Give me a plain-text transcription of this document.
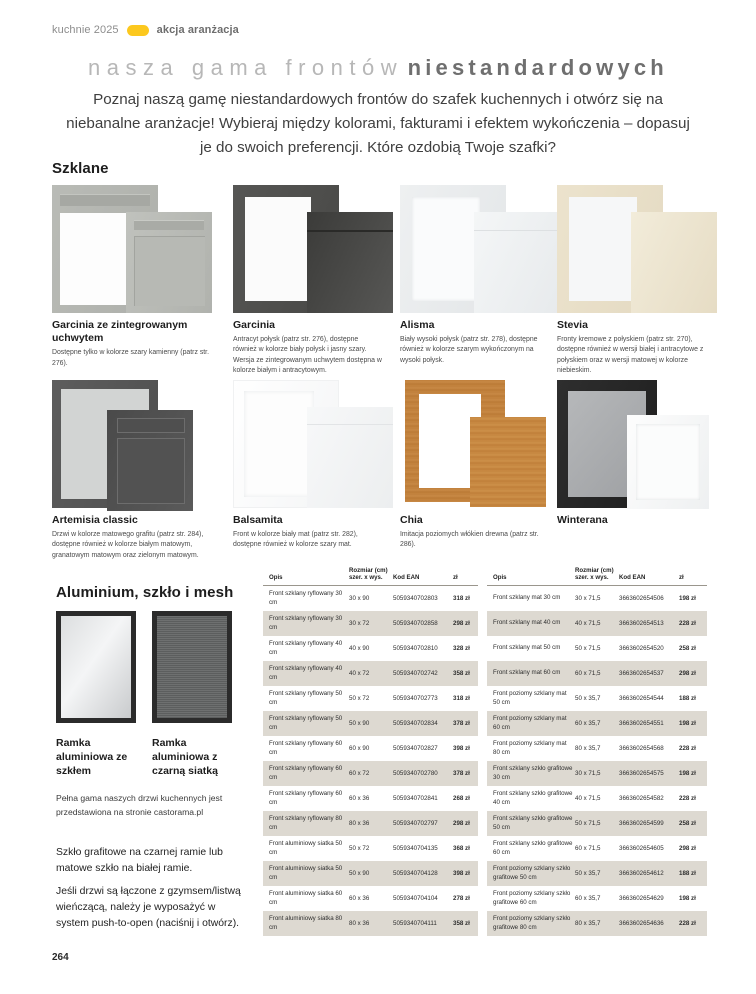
kuchnie 2025	akcja aranżacja
nasza gama frontów niestandardowych
Poznaj naszą gamę niestandardowych frontów do szafek kuchennych i otwórz się na niebanalne aranżacje! Wybieraj między kolorami, fakturami i efektem wykończenia – dopasuj je do swoich preferencji. Które ozdobią Twoje szafki?
Szklane
Garcinia ze zintegrowanym uchwytem
Dostępne tylko w kolorze szary kamienny (patrz str. 276).
Garcinia
Antracyt połysk (patrz str. 276), dostępne również w kolorze biały połysk i jasny szary. Wersja ze zintegrowanym uchwytem dostępna w kolorze białym i antracytowym.
Alisma
Biały wysoki połysk (patrz str. 278), dostępne również w kolorze szarym wykończonym na wysoki połysk.
Stevia
Fronty kremowe z połyskiem (patrz str. 270), dostępne również w wersji białej i antracytowe z połyskiem oraz w wersji matowej w kolorze niebieskim.
Artemisia classic
Drzwi w kolorze matowego grafitu (patrz str. 284), dostępne również w kolorze białym matowym, granatowym matowym oraz zielonym matowym.
Balsamita
Front w kolorze biały mat (patrz str. 282), dostępne również w kolorze szary mat.
Chia
Imitacja poziomych włókien drewna (patrz str. 286).
Winterana
Aluminium, szkło i mesh
Ramka aluminiowa ze szkłem
Ramka aluminiowa z czarną siatką
Pełna gama naszych drzwi kuchennych jest przedstawiona na stronie castorama.pl
Szkło grafitowe na czarnej ramie lub matowe szkło na białej ramie.
Jeśli drzwi są łączone z gzymsem/listwą wieńczącą, należy je wyposażyć w system push-to-open (naciśnij i otwórz).
Opis
Rozmiar (cm)
szer. x wys.	Kod EAN	zł
Front szklany ryflowany 30 cm	30 x 90	5059340702803	318 zł
Front szklany ryflowany 30 cm	30 x 72	5059340702858	298 zł
Front szklany ryflowany 40 cm	40 x 90	5059340702810	328 zł
Front szklany ryflowany 40 cm	40 x 72	5059340702742	358 zł
Front szklany ryflowany 50 cm	50 x 72	5059340702773	318 zł
Front szklany ryflowany 50 cm	50 x 90	5059340702834	378 zł
Front szklany ryflowany 60 cm	60 x 90	5059340702827	398 zł
Front szklany ryflowany 60 cm	60 x 72	5059340702780	378 zł
Front szklany ryflowany 60 cm	60 x 36	5059340702841	268 zł
Front szklany ryflowany 80 cm	80 x 36	5059340702797	298 zł
Front aluminiowy siatka 50 cm	50 x 72	5059340704135	368 zł
Front aluminiowy siatka 50 cm	50 x 90	5059340704128	398 zł
Front aluminiowy siatka 60 cm	60 x 36	5059340704104	278 zł
Front aluminiowy siatka 80 cm	80 x 36	5059340704111	358 zł
Opis
Rozmiar (cm)
szer. x wys.	Kod EAN	zł
Front szklany mat 30 cm	30 x 71,5	3663602654506	198 zł
Front szklany mat 40 cm	40 x 71,5	3663602654513	228 zł
Front szklany mat 50 cm	50 x 71,5	3663602654520	258 zł
Front szklany mat 60 cm	60 x 71,5	3663602654537	298 zł
Front poziomy szklany mat 50 cm	50 x 35,7	3663602654544	188 zł
Front poziomy szklany mat 60 cm	60 x 35,7	3663602654551	198 zł
Front poziomy szklany mat 80 cm	80 x 35,7	3663602654568	228 zł
Front szklany szkło grafitowe 30 cm	30 x 71,5	3663602654575	198 zł
Front szklany szkło grafitowe 40 cm	40 x 71,5	3663602654582	228 zł
Front szklany szkło grafitowe 50 cm	50 x 71,5	3663602654599	258 zł
Front szklany szkło grafitowe 60 cm	60 x 71,5	3663602654605	298 zł
Front poziomy szklany szkło grafitowe 50 cm	50 x 35,7	3663602654612	188 zł
Front poziomy szklany szkło grafitowe 60 cm	60 x 35,7	3663602654629	198 zł
Front poziomy szklany szkło grafitowe 80 cm	80 x 35,7	3663602654636	228 zł
264
